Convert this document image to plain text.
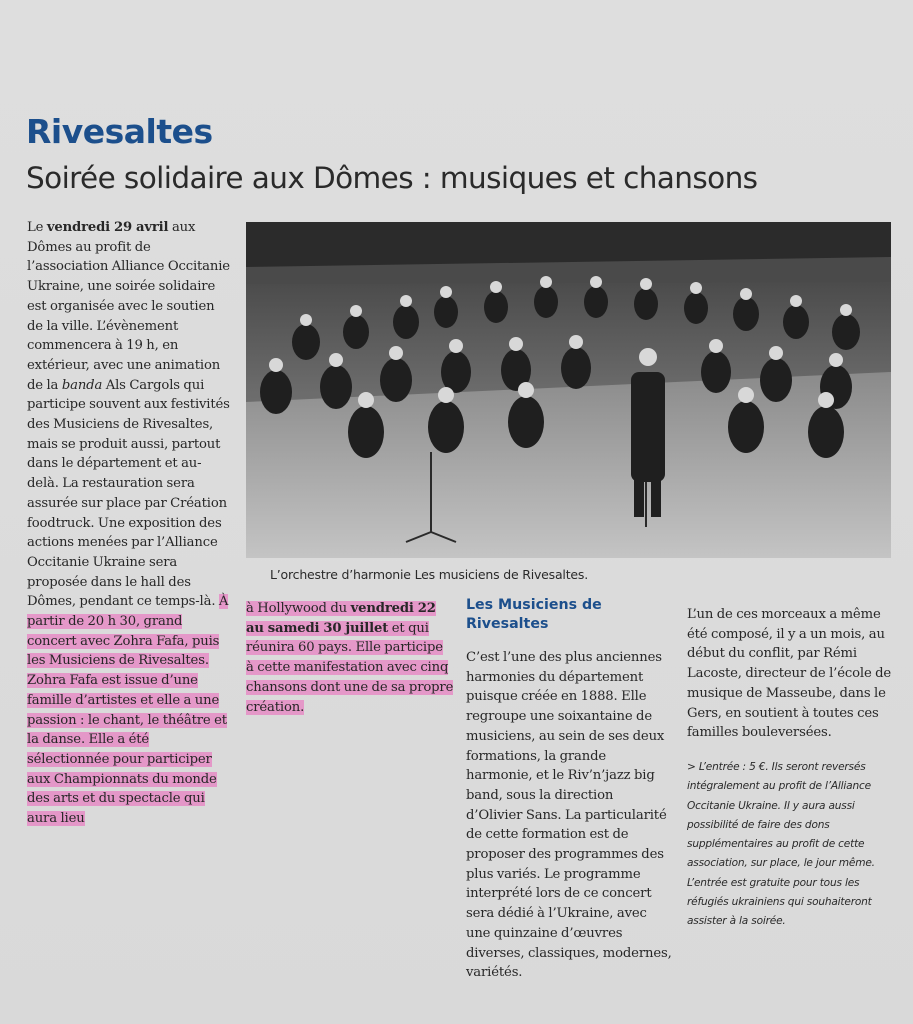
Rivesaltes
Soirée solidaire aux Dômes : musiques et chansons
Le vendredi 29 avril aux Dômes au profit de l’association Alliance Occitanie Ukraine, une soirée solidaire est organisée avec le soutien de la ville. L’évènement commencera à 19 h, en extérieur, avec une animation de la banda Als Cargols qui participe souvent aux festivités des Musiciens de Rivesaltes, mais se produit aussi, partout dans le département et au-delà. La restauration sera assurée sur place par Création foodtruck. Une exposition des actions menées par l’Alliance Occitanie Ukraine sera proposée dans le hall des Dômes, pendant ce temps-là. À partir de 20 h 30, grand concert avec Zohra Fafa, puis les Musiciens de Rivesaltes. Zohra Fafa est issue d’une famille d’artistes et elle a une passion : le chant, le théâtre et la danse. Elle a été sélectionnée pour participer aux Championnats du monde des arts et du spectacle qui aura lieu
L’orchestre d’harmonie Les musiciens de Rivesaltes.
à Hollywood du vendredi 22 au samedi 30 juillet et qui réunira 60 pays. Elle participe à cette manifestation avec cinq chansons dont une de sa propre création.
Les Musiciens de Rivesaltes
C’est l’une des plus anciennes harmonies du département puisque créée en 1888. Elle regroupe une soixantaine de musiciens, au sein de ses deux formations, la grande harmonie, et le Riv’n’jazz big band, sous la direction d’Olivier Sans. La particularité de cette formation est de proposer des programmes des plus variés. Le programme interprété lors de ce concert sera dédié à l’Ukraine, avec une quinzaine d’œuvres diverses, classiques, modernes, variétés.
L’un de ces morceaux a même été composé, il y a un mois, au début du conflit, par Rémi Lacoste, directeur de l’école de musique de Masseube, dans le Gers, en soutient à toutes ces familles bouleversées.
> L’entrée : 5 €. Ils seront reversés intégralement au profit de l’Alliance Occitanie Ukraine. Il y aura aussi possibilité de faire des dons supplémentaires au profit de cette association, sur place, le jour même. L’entrée est gratuite pour tous les réfugiés ukrainiens qui souhaiteront assister à la soirée.
